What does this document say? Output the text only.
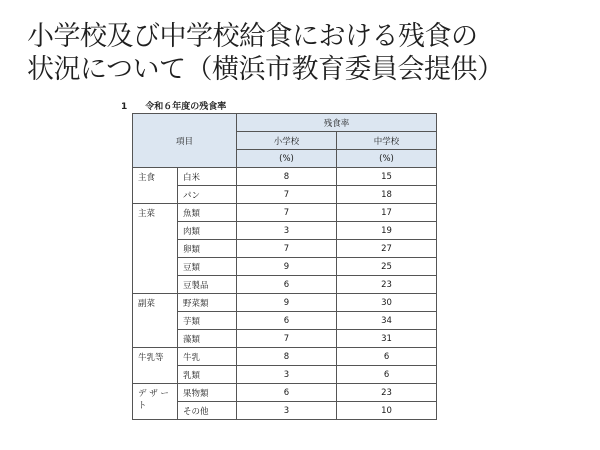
小学校及び中学校給食における残食の
状況について（横浜市教育委員会提供）
1 令和６年度の残食率
項目		残食率	
		小学校	中学校
		(%)	(%)
主食	白米	8	15
	パン	7	18
主菜	魚類	7	17
	肉類	3	19
	卵類	7	27
	豆類	9	25
	豆製品	6	23
副菜	野菜類	9	30
	芋類	6	34
	藻類	7	31
牛乳等	牛乳	8	6
	乳類	3	6
デ ザ ー ト	果物類	6	23
	その他	3	10
